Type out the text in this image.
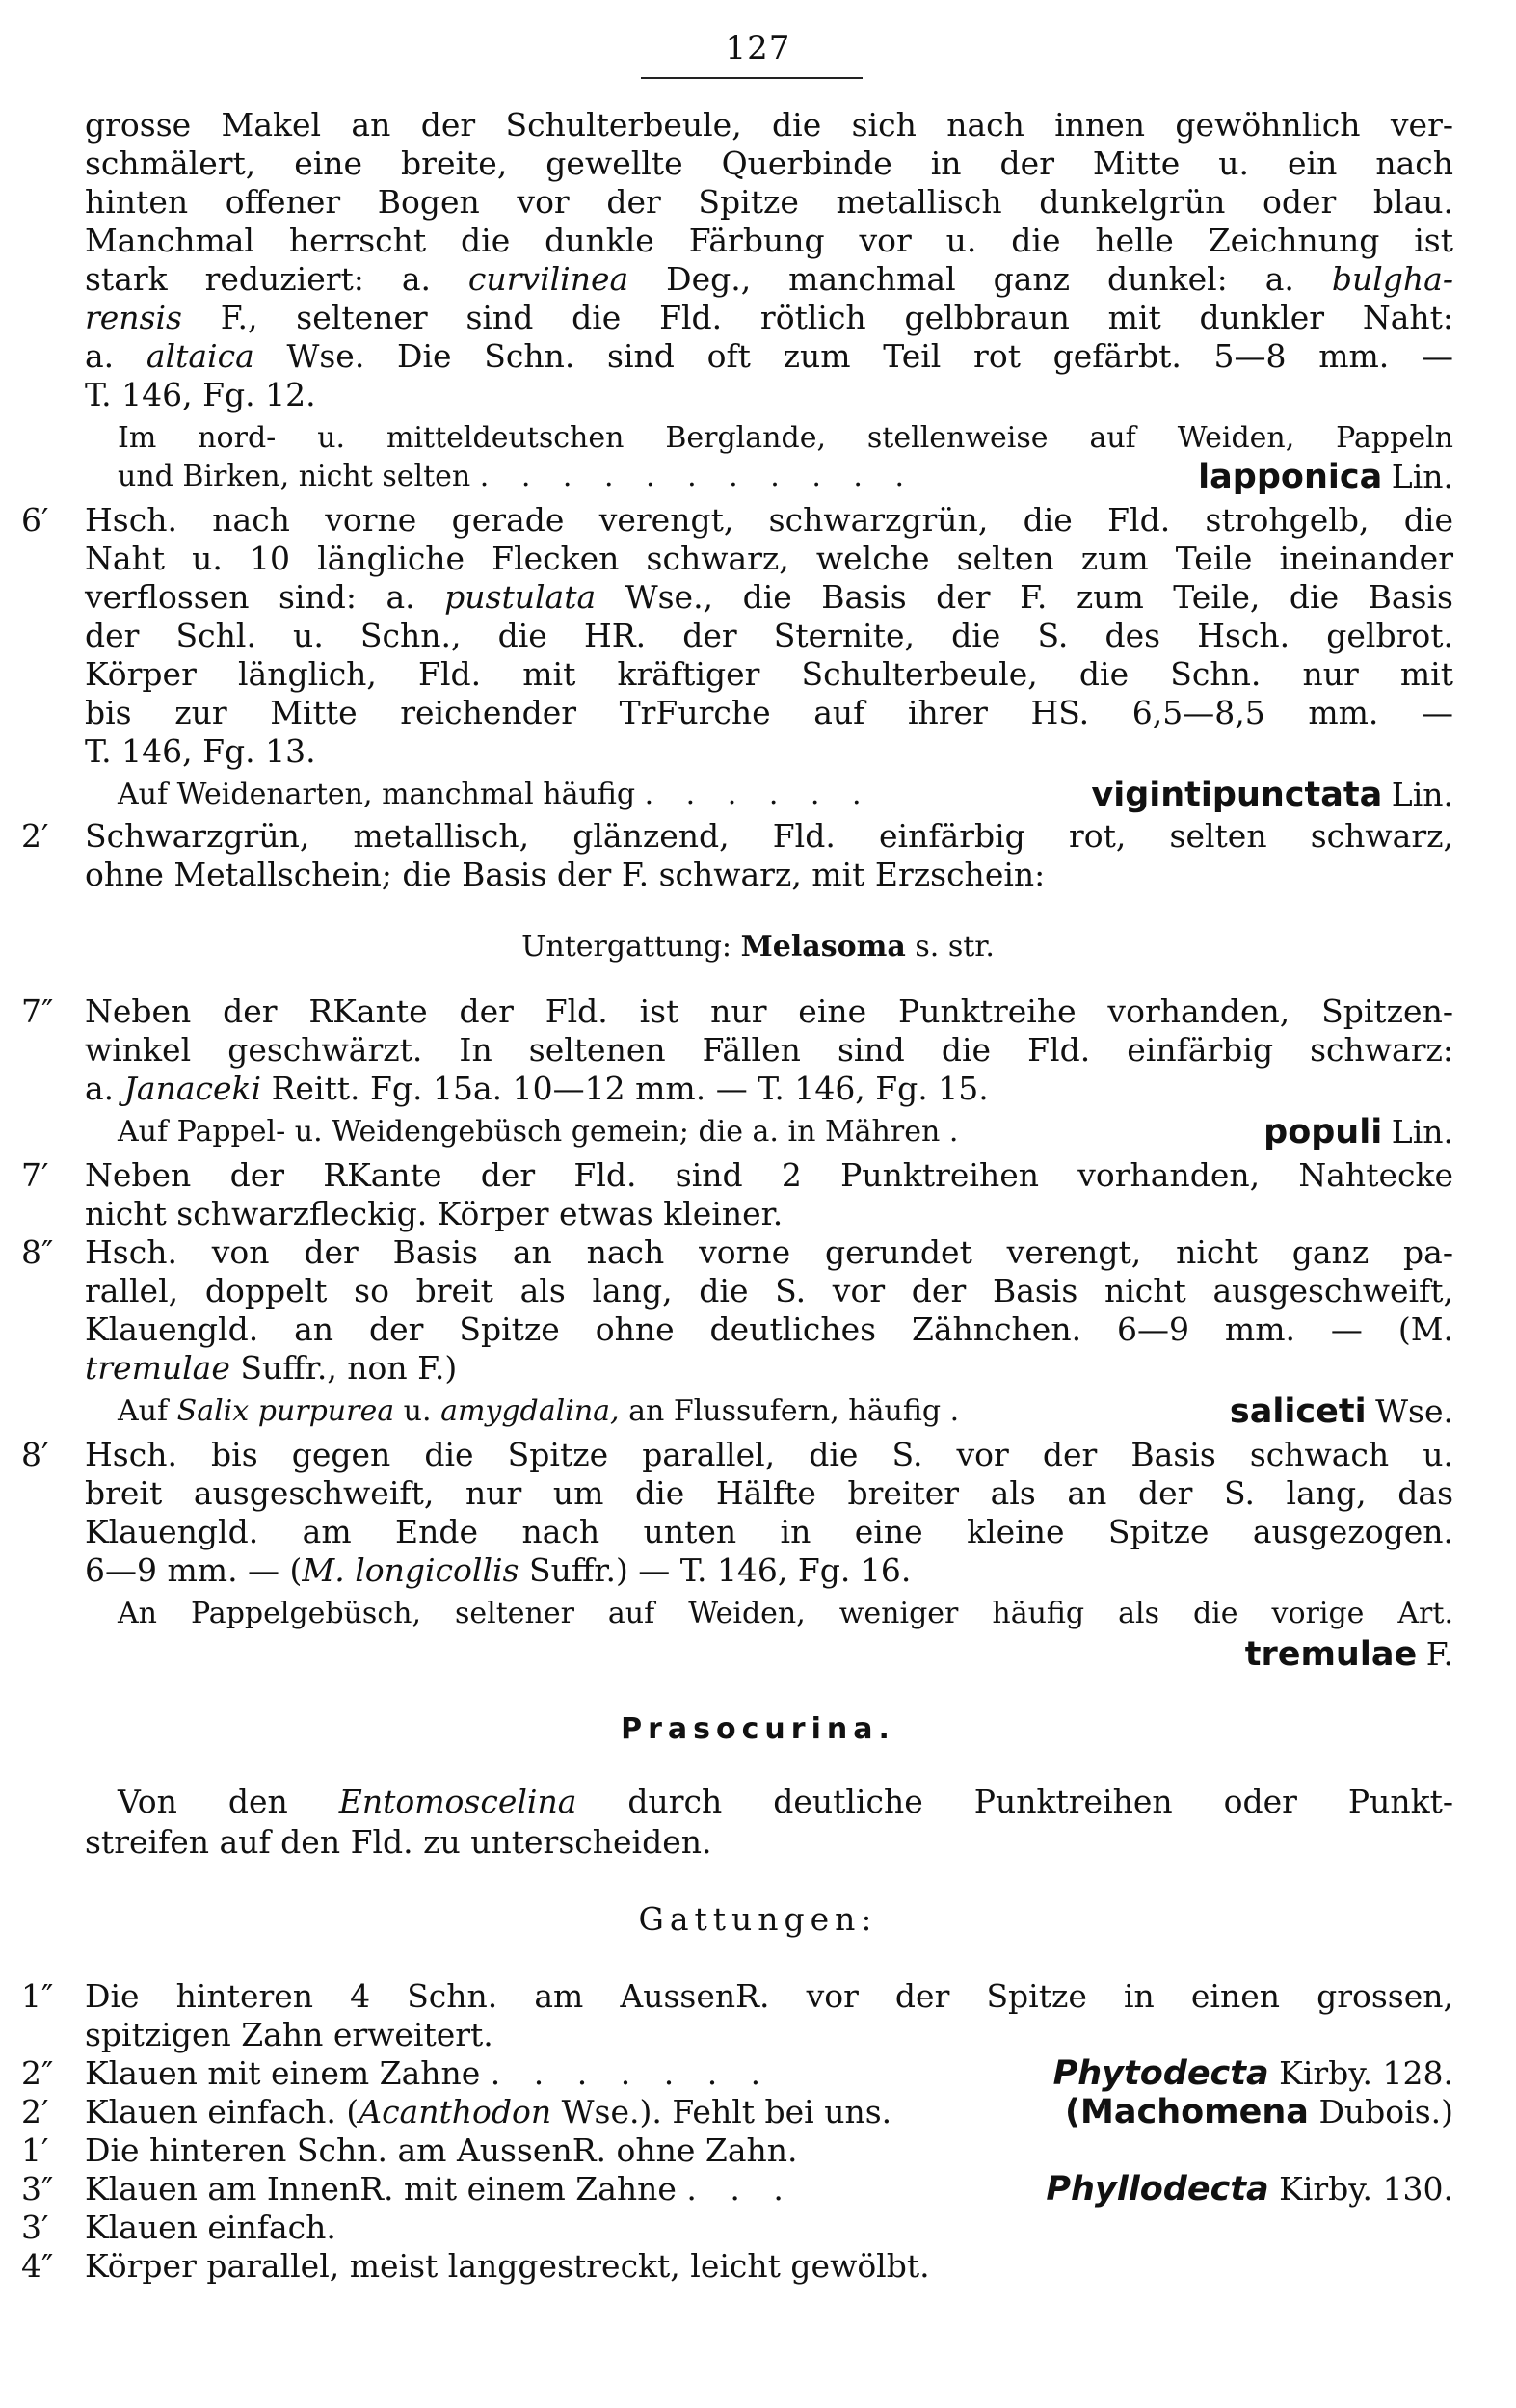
127
grosse Makel an der Schulterbeule, die sich nach innen gewöhnlich ver-
schmälert, eine breite, gewellte Querbinde in der Mitte u. ein nach
hinten offener Bogen vor der Spitze metallisch dunkelgrün oder blau.
Manchmal herrscht die dunkle Färbung vor u. die helle Zeichnung ist
stark reduziert: a. curvilinea Deg., manchmal ganz dunkel: a. bulgha-
rensis F., seltener sind die Fld. rötlich gelbbraun mit dunkler Naht:
a. altaica Wse. Die Schn. sind oft zum Teil rot gefärbt. 5—8 mm. —
T. 146, Fg. 12.
Im nord- u. mitteldeutschen Berglande, stellenweise auf Weiden, Pappeln
und Birken, nicht selten . . . . . . . . . . .	lapponica Lin.
6′	Hsch. nach vorne gerade verengt, schwarzgrün, die Fld. strohgelb, die
Naht u. 10 längliche Flecken schwarz, welche selten zum Teile ineinander
verflossen sind: a. pustulata Wse., die Basis der F. zum Teile, die Basis
der Schl. u. Schn., die HR. der Sternite, die S. des Hsch. gelbrot.
Körper länglich, Fld. mit kräftiger Schulterbeule, die Schn. nur mit
bis zur Mitte reichender TrFurche auf ihrer HS. 6,5—8,5 mm. —
T. 146, Fg. 13.
Auf Weidenarten, manchmal häufig . . . . . .	vigintipunctata Lin.
2′	Schwarzgrün, metallisch, glänzend, Fld. einfärbig rot, selten schwarz,
ohne Metallschein; die Basis der F. schwarz, mit Erzschein:
Untergattung: Melasoma s. str.
7″ Neben der RKante der Fld. ist nur eine Punktreihe vorhanden, Spitzen-
winkel geschwärzt. In seltenen Fällen sind die Fld. einfärbig schwarz:
a. Janaceki Reitt. Fg. 15a. 10—12 mm. — T. 146, Fg. 15.
Auf Pappel- u. Weidengebüsch gemein; die a. in Mähren .	populi Lin.
7′	Neben der RKante der Fld. sind 2 Punktreihen vorhanden, Nahtecke
nicht schwarzfleckig. Körper etwas kleiner.
8″ Hsch. von der Basis an nach vorne gerundet verengt, nicht ganz pa-
rallel, doppelt so breit als lang, die S. vor der Basis nicht ausgeschweift,
Klauengld. an der Spitze ohne deutliches Zähnchen. 6—9 mm. — (M.
tremulae Suffr., non F.)
Auf Salix purpurea u. amygdalina, an Flussufern, häufig .	saliceti Wse.
8′	Hsch. bis gegen die Spitze parallel, die S. vor der Basis schwach u.
breit ausgeschweift, nur um die Hälfte breiter als an der S. lang, das
Klauengld. am Ende nach unten in eine kleine Spitze ausgezogen.
6—9 mm. — (M. longicollis Suffr.) — T. 146, Fg. 16.
An Pappelgebüsch, seltener auf Weiden, weniger häufig als die vorige Art.
tremulae F.
Prasocurina.
Von den Entomoscelina durch deutliche Punktreihen oder Punkt-
streifen auf den Fld. zu unterscheiden.
Gattungen:
1″ Die hinteren 4 Schn. am AussenR. vor der Spitze in einen grossen,
spitzigen Zahn erweitert.
2″ Klauen mit einem Zahne . . . . . . .	Phytodecta Kirby. 128.
2′	Klauen einfach. (Acanthodon Wse.). Fehlt bei uns.	(Machomena Dubois.)
1′	Die hinteren Schn. am AussenR. ohne Zahn.
3″ Klauen am InnenR. mit einem Zahne . . .	Phyllodecta Kirby. 130.
3′	Klauen einfach.
4″ Körper parallel, meist langgestreckt, leicht gewölbt.
